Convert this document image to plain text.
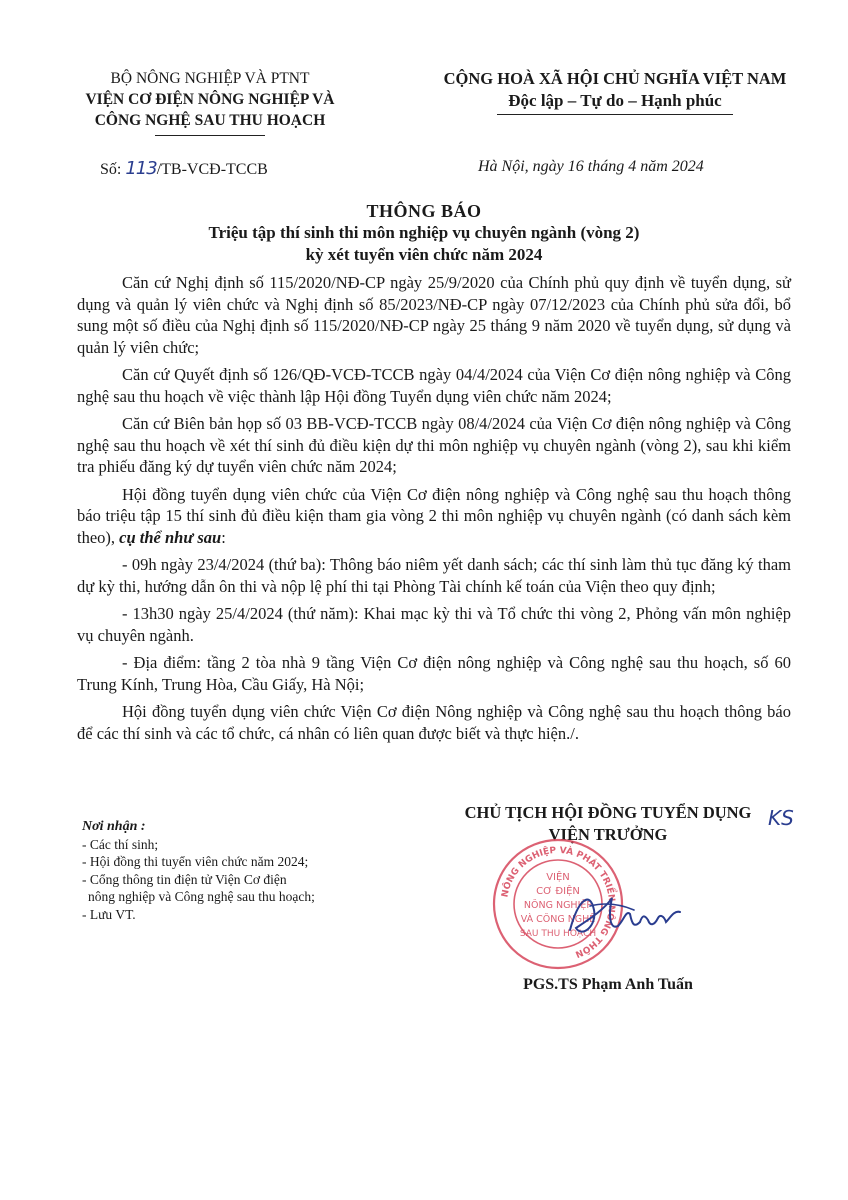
BỘ NÔNG NGHIỆP VÀ PTNT
VIỆN CƠ ĐIỆN NÔNG NGHIỆP VÀ
CÔNG NGHỆ SAU THU HOẠCH
CỘNG HOÀ XÃ HỘI CHỦ NGHĨA VIỆT NAM
Độc lập – Tự do – Hạnh phúc
Số: 113/TB-VCĐ-TCCB	Hà Nội, ngày 16 tháng 4 năm 2024
THÔNG BÁO
Triệu tập thí sinh thi môn nghiệp vụ chuyên ngành (vòng 2)
kỳ xét tuyển viên chức năm 2024

Căn cứ Nghị định số 115/2020/NĐ-CP ngày 25/9/2020 của Chính phủ quy định về tuyển dụng, sử dụng và quản lý viên chức và Nghị định số 85/2023/NĐ-CP ngày 07/12/2023 của Chính phủ sửa đổi, bổ sung một số điều của Nghị định số 115/2020/NĐ-CP ngày 25 tháng 9 năm 2020 về tuyển dụng, sử dụng và quản lý viên chức;

Căn cứ Quyết định số 126/QĐ-VCĐ-TCCB ngày 04/4/2024 của Viện Cơ điện nông nghiệp và Công nghệ sau thu hoạch về việc thành lập Hội đồng Tuyển dụng viên chức năm 2024;

Căn cứ Biên bản họp số 03 BB-VCĐ-TCCB ngày 08/4/2024 của Viện Cơ điện nông nghiệp và Công nghệ sau thu hoạch về xét thí sinh đủ điều kiện dự thi môn nghiệp vụ chuyên ngành (vòng 2), sau khi kiểm tra phiếu đăng ký dự tuyển viên chức năm 2024;

Hội đồng tuyển dụng viên chức của Viện Cơ điện nông nghiệp và Công nghệ sau thu hoạch thông báo triệu tập 15 thí sinh đủ điều kiện tham gia vòng 2 thi môn nghiệp vụ chuyên ngành (có danh sách kèm theo), cụ thể như sau:

- 09h ngày 23/4/2024 (thứ ba): Thông báo niêm yết danh sách; các thí sinh làm thủ tục đăng ký tham dự kỳ thi, hướng dẫn ôn thi và nộp lệ phí thi tại Phòng Tài chính kế toán của Viện theo quy định;

- 13h30 ngày 25/4/2024 (thứ năm): Khai mạc kỳ thi và Tổ chức thi vòng 2, Phỏng vấn môn nghiệp vụ chuyên ngành.

- Địa điểm: tầng 2 tòa nhà 9 tầng Viện Cơ điện nông nghiệp và Công nghệ sau thu hoạch, số 60 Trung Kính, Trung Hòa, Cầu Giấy, Hà Nội;

Hội đồng tuyển dụng viên chức Viện Cơ điện Nông nghiệp và Công nghệ sau thu hoạch thông báo để các thí sinh và các tổ chức, cá nhân có liên quan được biết và thực hiện./.

Nơi nhận :
- Các thí sinh;
- Hội đồng thi tuyển viên chức năm 2024;
- Cổng thông tin điện tử Viện Cơ điện
nông nghiệp và Công nghệ sau thu hoạch;
- Lưu VT.
CHỦ TỊCH HỘI ĐỒNG TUYỂN DỤNG
VIỆN TRƯỞNG
PGS.TS Phạm Anh Tuấn
KS
NÔNG NGHIỆP VÀ PHÁT TRIỂN NÔNG THÔN
VIỆN
CƠ ĐIỆN
NÔNG NGHIỆP
VÀ CÔNG NGHỆ
SAU THU HOẠCH
